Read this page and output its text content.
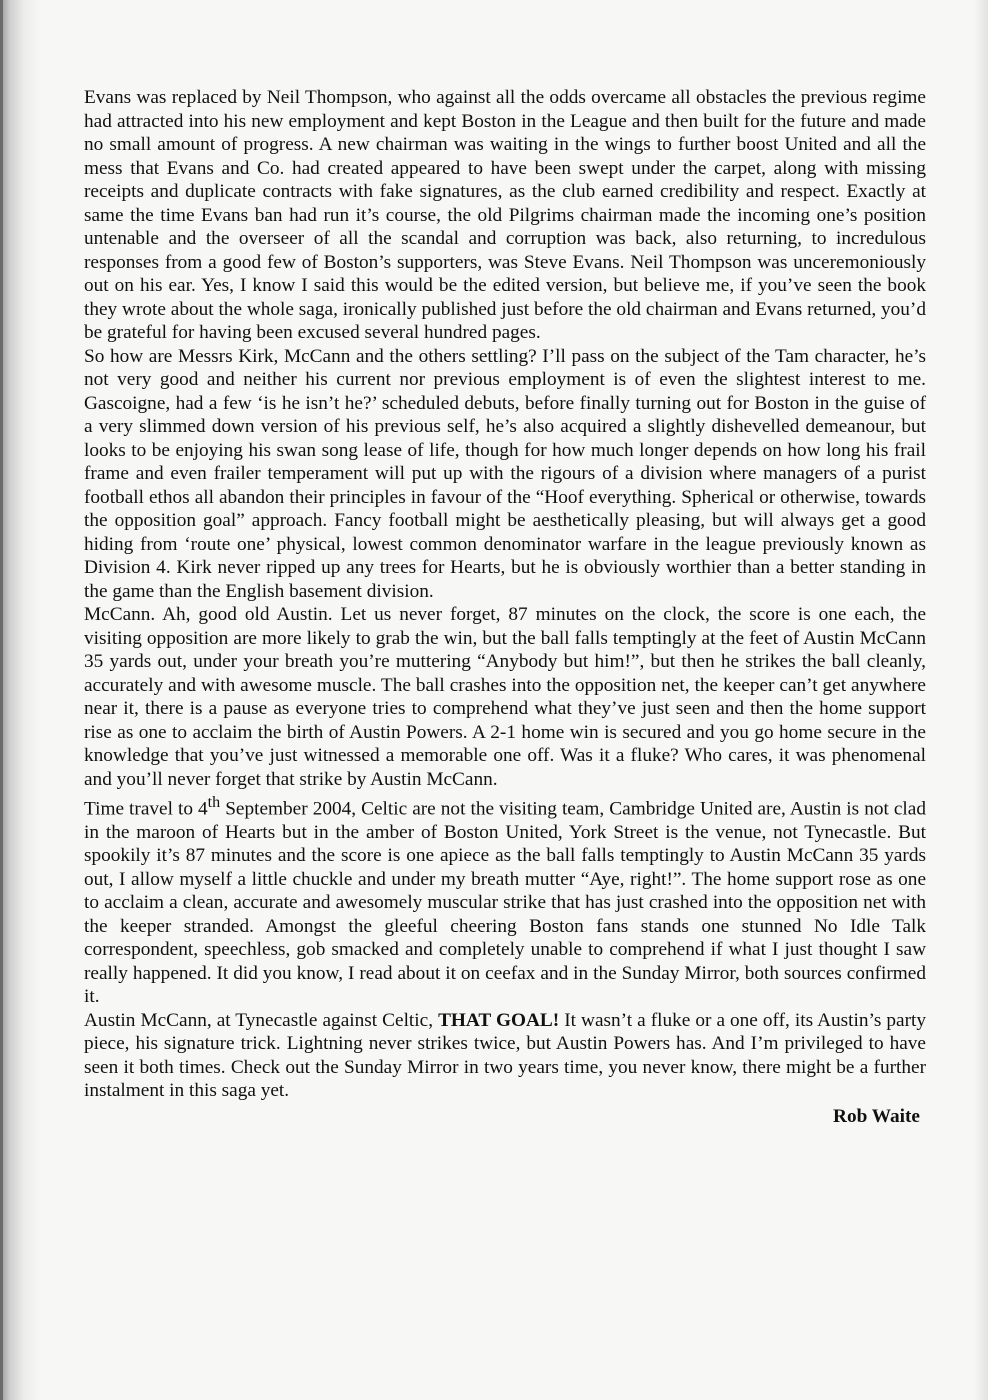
Evans was replaced by Neil Thompson, who against all the odds overcame all obstacles the previous regime had attracted into his new employment and kept Boston in the League and then built for the future and made no small amount of progress. A new chairman was waiting in the wings to further boost United and all the mess that Evans and Co. had created appeared to have been swept under the carpet, along with missing receipts and duplicate contracts with fake signatures, as the club earned credibility and respect. Exactly at same the time Evans ban had run it’s course, the old Pilgrims chairman made the incoming one’s position untenable and the overseer of all the scandal and corruption was back, also returning, to incredulous responses from a good few of Boston’s supporters, was Steve Evans. Neil Thompson was unceremoniously out on his ear. Yes, I know I said this would be the edited version, but believe me, if you’ve seen the book they wrote about the whole saga, ironically published just before the old chairman and Evans returned, you’d be grateful for having been excused several hundred pages.

So how are Messrs Kirk, McCann and the others settling? I’ll pass on the subject of the Tam character, he’s not very good and neither his current nor previous employment is of even the slightest interest to me. Gascoigne, had a few ‘is he isn’t he?’ scheduled debuts, before finally turning out for Boston in the guise of a very slimmed down version of his previous self, he’s also acquired a slightly dishevelled demeanour, but looks to be enjoying his swan song lease of life, though for how much longer depends on how long his frail frame and even frailer temperament will put up with the rigours of a division where managers of a purist football ethos all abandon their principles in favour of the “Hoof everything. Spherical or otherwise, towards the opposition goal” approach. Fancy football might be aesthetically pleasing, but will always get a good hiding from ‘route one’ physical, lowest common denominator warfare in the league previously known as Division 4. Kirk never ripped up any trees for Hearts, but he is obviously worthier than a better standing in the game than the English basement division.

McCann. Ah, good old Austin. Let us never forget, 87 minutes on the clock, the score is one each, the visiting opposition are more likely to grab the win, but the ball falls temptingly at the feet of Austin McCann 35 yards out, under your breath you’re muttering “Anybody but him!”, but then he strikes the ball cleanly, accurately and with awesome muscle. The ball crashes into the opposition net, the keeper can’t get anywhere near it, there is a pause as everyone tries to comprehend what they’ve just seen and then the home support rise as one to acclaim the birth of Austin Powers. A 2-1 home win is secured and you go home secure in the knowledge that you’ve just witnessed a memorable one off. Was it a fluke? Who cares, it was phenomenal and you’ll never forget that strike by Austin McCann.

Time travel to 4th September 2004, Celtic are not the visiting team, Cambridge United are, Austin is not clad in the maroon of Hearts but in the amber of Boston United, York Street is the venue, not Tynecastle. But spookily it’s 87 minutes and the score is one apiece as the ball falls temptingly to Austin McCann 35 yards out, I allow myself a little chuckle and under my breath mutter “Aye, right!”. The home support rose as one to acclaim a clean, accurate and awesomely muscular strike that has just crashed into the opposition net with the keeper stranded. Amongst the gleeful cheering Boston fans stands one stunned No Idle Talk correspondent, speechless, gob smacked and completely unable to comprehend if what I just thought I saw really happened. It did you know, I read about it on ceefax and in the Sunday Mirror, both sources confirmed it.

Austin McCann, at Tynecastle against Celtic, THAT GOAL! It wasn’t a fluke or a one off, its Austin’s party piece, his signature trick. Lightning never strikes twice, but Austin Powers has. And I’m privileged to have seen it both times. Check out the Sunday Mirror in two years time, you never know, there might be a further instalment in this saga yet.

Rob Waite
